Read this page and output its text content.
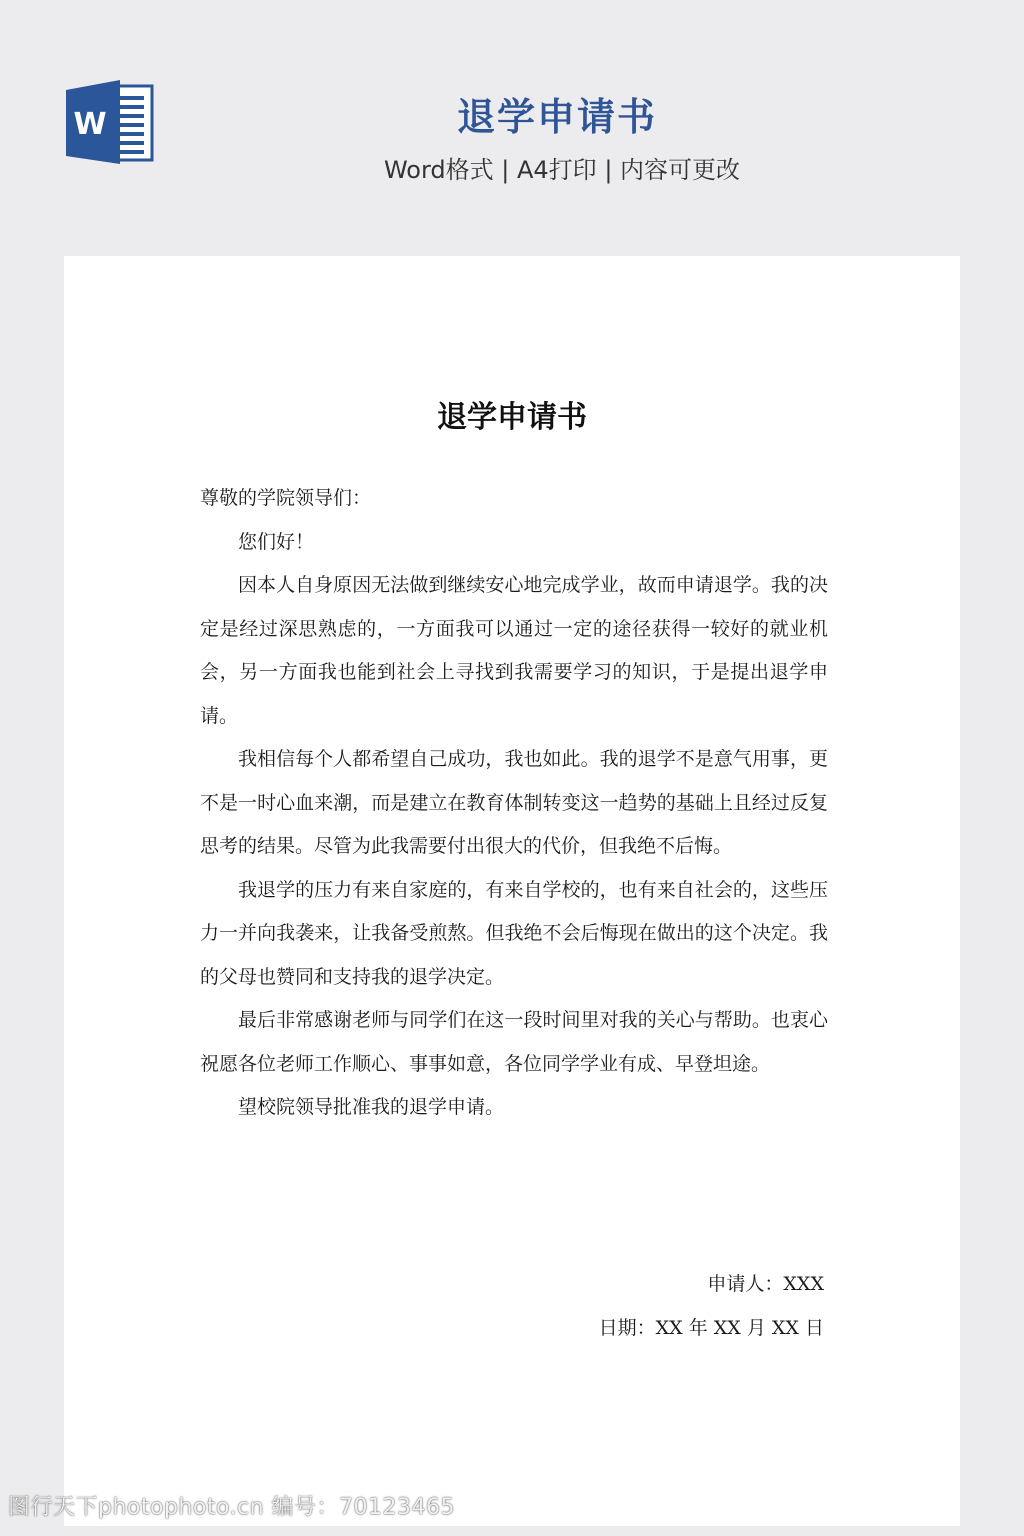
W	退学申请书
Word格式 | A4打印 | 内容可更改
退学申请书

尊敬的学院领导们：

您们好！

因本人自身原因无法做到继续安心地完成学业，故而申请退学。我的决定是经过深思熟虑的，一方面我可以通过一定的途径获得一较好的就业机会，另一方面我也能到社会上寻找到我需要学习的知识，于是提出退学申请。

我相信每个人都希望自己成功，我也如此。我的退学不是意气用事，更不是一时心血来潮，而是建立在教育体制转变这一趋势的基础上且经过反复思考的结果。尽管为此我需要付出很大的代价，但我绝不后悔。

我退学的压力有来自家庭的，有来自学校的，也有来自社会的，这些压力一并向我袭来，让我备受煎熬。但我绝不会后悔现在做出的这个决定。我的父母也赞同和支持我的退学决定。

最后非常感谢老师与同学们在这一段时间里对我的关心与帮助。也衷心祝愿各位老师工作顺心、事事如意，各位同学学业有成、早登坦途。

望校院领导批准我的退学申请。

申请人：XXX
日期：XX 年 XX 月 XX 日
图行天下photophoto.cn 编号：70123465
